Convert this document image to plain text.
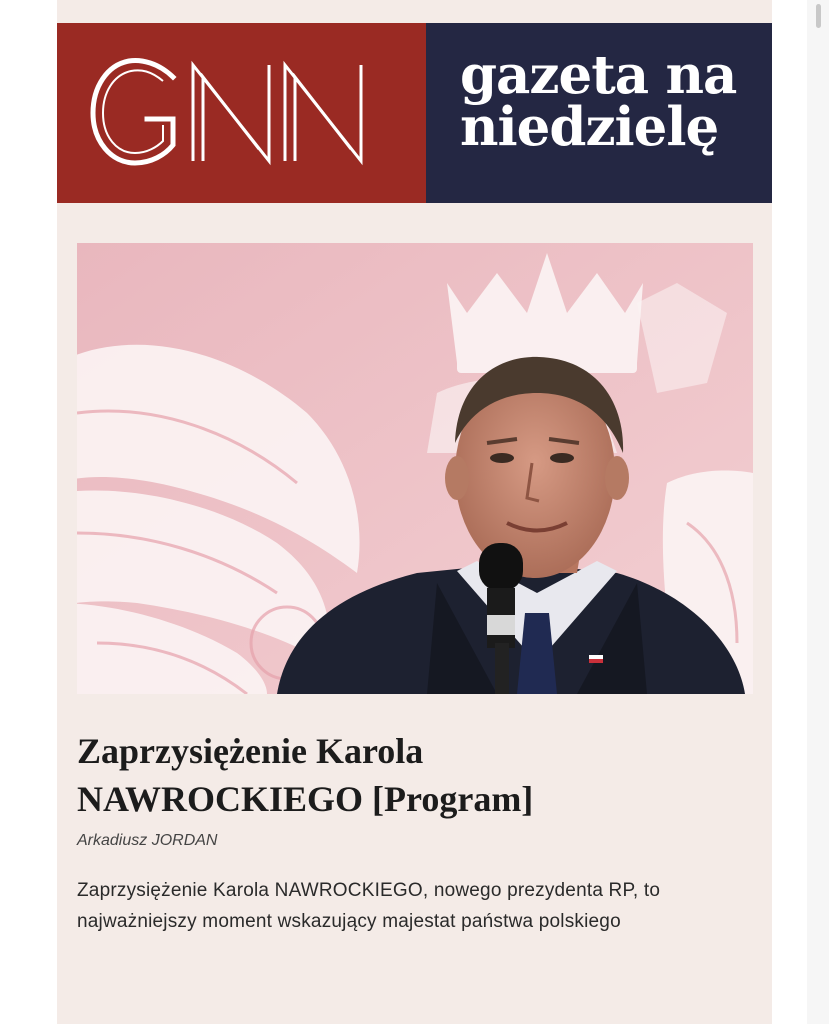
gazeta na niedzielę
Zaprzysiężenie Karola NAWROCKIEGO [Program]

Arkadiusz JORDAN

Zaprzysiężenie Karola NAWROCKIEGO, nowego prezydenta RP, to najważniejszy moment wskazujący majestat państwa polskiego
